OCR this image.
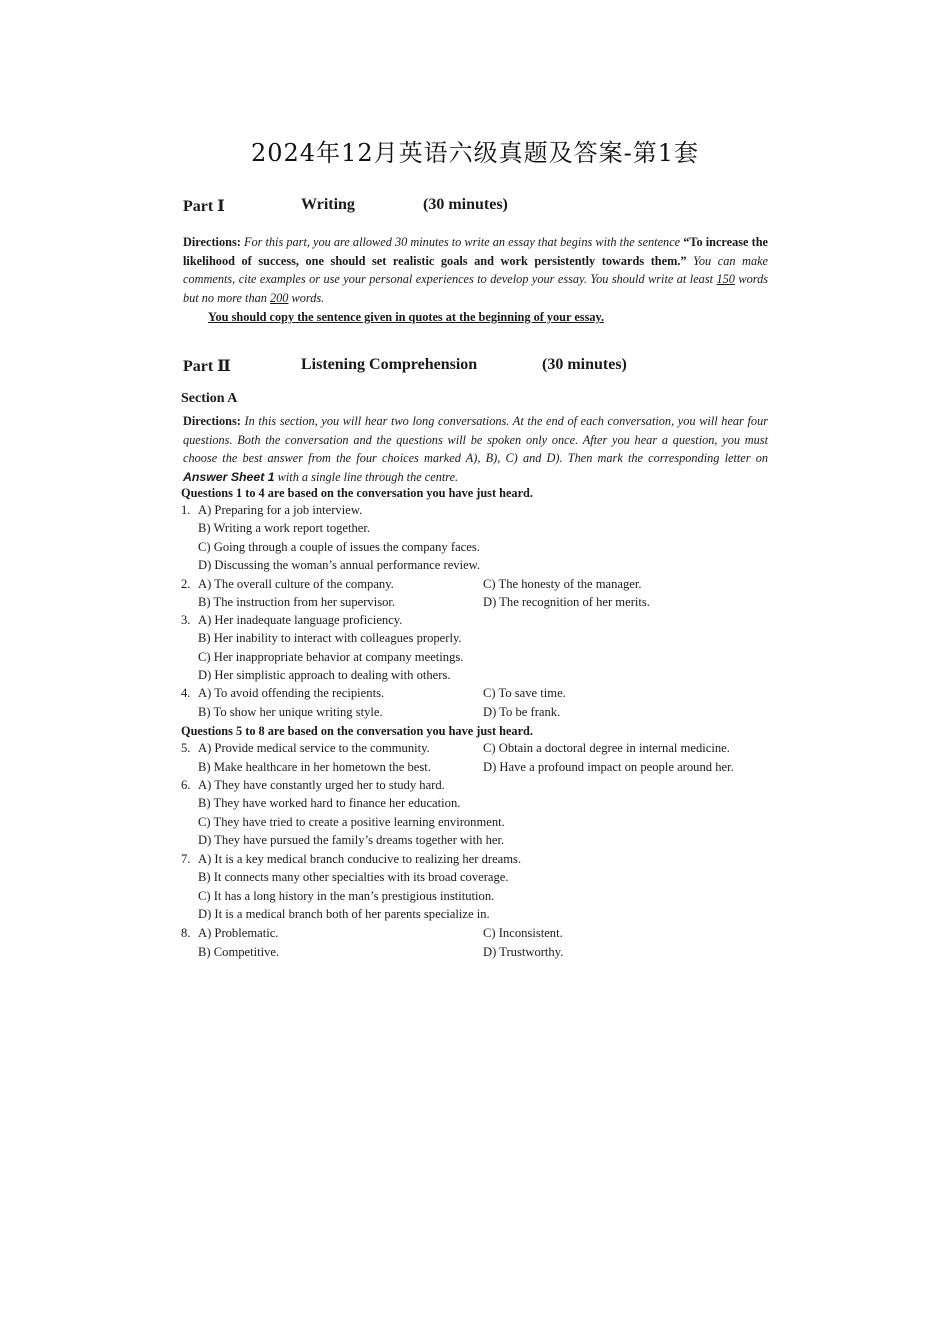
2024年12月英语六级真题及答案-第1套
Part Ⅰ	Writing	(30 minutes)
Directions: For this part, you are allowed 30 minutes to write an essay that begins with the sentence “To increase the likelihood of success, one should set realistic goals and work persistently towards them.” You can make comments, cite examples or use your personal experiences to develop your essay. You should write at least 150 words but no more than 200 words.
You should copy the sentence given in quotes at the beginning of your essay.
Part Ⅱ	Listening Comprehension	(30 minutes)
Section A
Directions: In this section, you will hear two long conversations. At the end of each conversation, you will hear four questions. Both the conversation and the questions will be spoken only once. After you hear a question, you must choose the best answer from the four choices marked A), B), C) and D). Then mark the corresponding letter on Answer Sheet 1 with a single line through the centre.
Questions 1 to 4 are based on the conversation you have just heard.
1. A) Preparing for a job interview.
B) Writing a work report together.
C) Going through a couple of issues the company faces.
D) Discussing the woman’s annual performance review.
2. A) The overall culture of the company.	C) The honesty of the manager.
B) The instruction from her supervisor.	D) The recognition of her merits.
3. A) Her inadequate language proficiency.
B) Her inability to interact with colleagues properly.
C) Her inappropriate behavior at company meetings.
D) Her simplistic approach to dealing with others.
4. A) To avoid offending the recipients.	C) To save time.
B) To show her unique writing style.	D) To be frank.
Questions 5 to 8 are based on the conversation you have just heard.
5. A) Provide medical service to the community.	C) Obtain a doctoral degree in internal medicine.
B) Make healthcare in her hometown the best.	D) Have a profound impact on people around her.
6. A) They have constantly urged her to study hard.
B) They have worked hard to finance her education.
C) They have tried to create a positive learning environment.
D) They have pursued the family’s dreams together with her.
7. A) It is a key medical branch conducive to realizing her dreams.
B) It connects many other specialties with its broad coverage.
C) It has a long history in the man’s prestigious institution.
D) It is a medical branch both of her parents specialize in.
8. A) Problematic.	C) Inconsistent.
B) Competitive.	D) Trustworthy.
